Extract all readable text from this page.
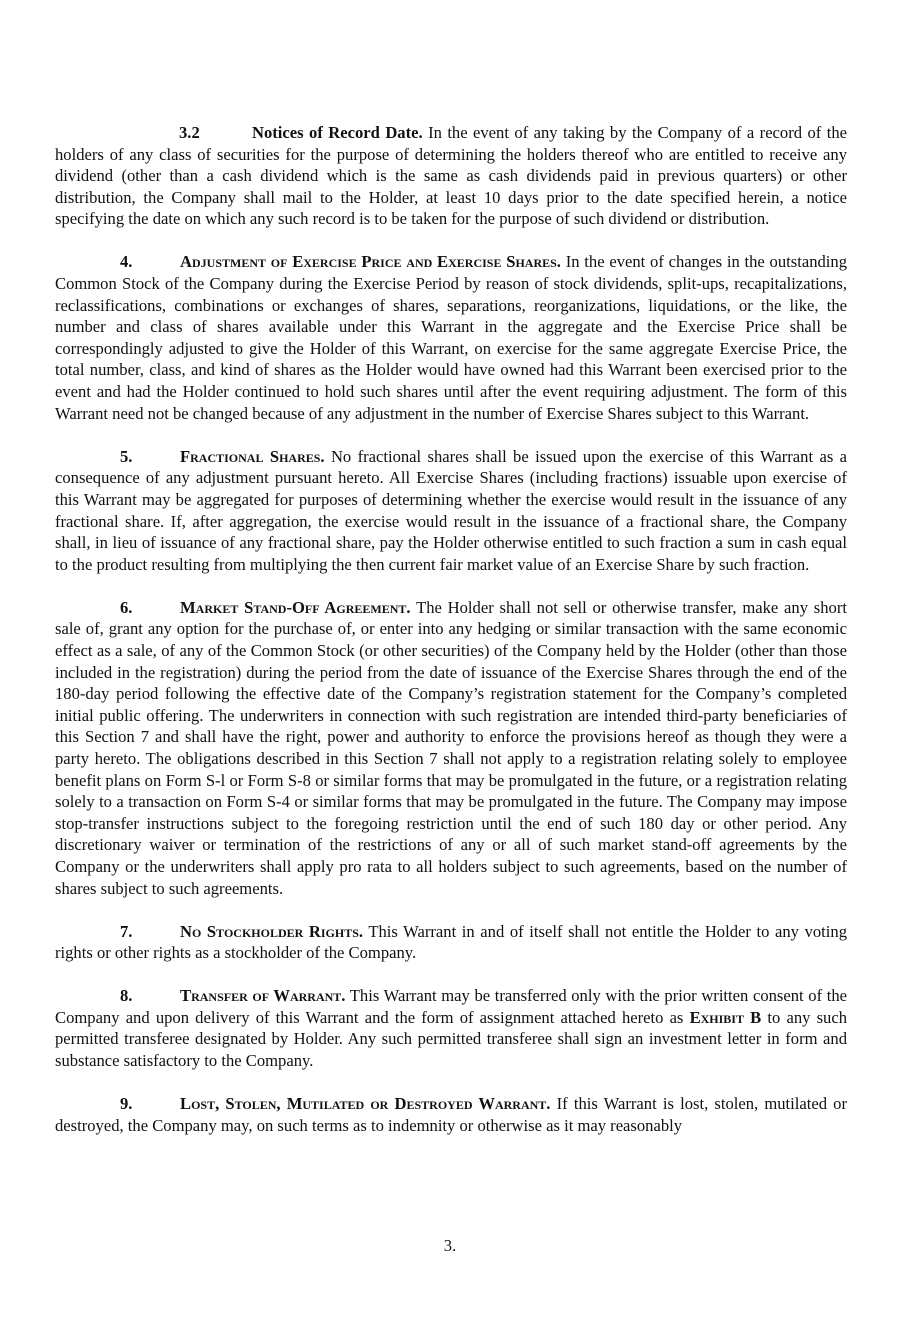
3.2	Notices of Record Date. In the event of any taking by the Company of a record of the holders of any class of securities for the purpose of determining the holders thereof who are entitled to receive any dividend (other than a cash dividend which is the same as cash dividends paid in previous quarters) or other distribution, the Company shall mail to the Holder, at least 10 days prior to the date specified herein, a notice specifying the date on which any such record is to be taken for the purpose of such dividend or distribution.

4.	Adjustment of Exercise Price and Exercise Shares. In the event of changes in the outstanding Common Stock of the Company during the Exercise Period by reason of stock dividends, split-ups, recapitalizations, reclassifications, combinations or exchanges of shares, separations, reorganizations, liquidations, or the like, the number and class of shares available under this Warrant in the aggregate and the Exercise Price shall be correspondingly adjusted to give the Holder of this Warrant, on exercise for the same aggregate Exercise Price, the total number, class, and kind of shares as the Holder would have owned had this Warrant been exercised prior to the event and had the Holder continued to hold such shares until after the event requiring adjustment. The form of this Warrant need not be changed because of any adjustment in the number of Exercise Shares subject to this Warrant.

5.	Fractional Shares. No fractional shares shall be issued upon the exercise of this Warrant as a consequence of any adjustment pursuant hereto. All Exercise Shares (including fractions) issuable upon exercise of this Warrant may be aggregated for purposes of determining whether the exercise would result in the issuance of any fractional share. If, after aggregation, the exercise would result in the issuance of a fractional share, the Company shall, in lieu of issuance of any fractional share, pay the Holder otherwise entitled to such fraction a sum in cash equal to the product resulting from multiplying the then current fair market value of an Exercise Share by such fraction.

6.	Market Stand-Off Agreement. The Holder shall not sell or otherwise transfer, make any short sale of, grant any option for the purchase of, or enter into any hedging or similar transaction with the same economic effect as a sale, of any of the Common Stock (or other securities) of the Company held by the Holder (other than those included in the registration) during the period from the date of issuance of the Exercise Shares through the end of the 180-day period following the effective date of the Company’s registration statement for the Company’s completed initial public offering. The underwriters in connection with such registration are intended third-party beneficiaries of this Section 7 and shall have the right, power and authority to enforce the provisions hereof as though they were a party hereto. The obligations described in this Section 7 shall not apply to a registration relating solely to employee benefit plans on Form S-l or Form S-8 or similar forms that may be promulgated in the future, or a registration relating solely to a transaction on Form S-4 or similar forms that may be promulgated in the future. The Company may impose stop-transfer instructions subject to the foregoing restriction until the end of such 180 day or other period. Any discretionary waiver or termination of the restrictions of any or all of such market stand-off agreements by the Company or the underwriters shall apply pro rata to all holders subject to such agreements, based on the number of shares subject to such agreements.

7.	No Stockholder Rights. This Warrant in and of itself shall not entitle the Holder to any voting rights or other rights as a stockholder of the Company.

8.	Transfer of Warrant. This Warrant may be transferred only with the prior written consent of the Company and upon delivery of this Warrant and the form of assignment attached hereto as Exhibit B to any such permitted transferee designated by Holder. Any such permitted transferee shall sign an investment letter in form and substance satisfactory to the Company.

9.	Lost, Stolen, Mutilated or Destroyed Warrant. If this Warrant is lost, stolen, mutilated or destroyed, the Company may, on such terms as to indemnity or otherwise as it may reasonably

3.
